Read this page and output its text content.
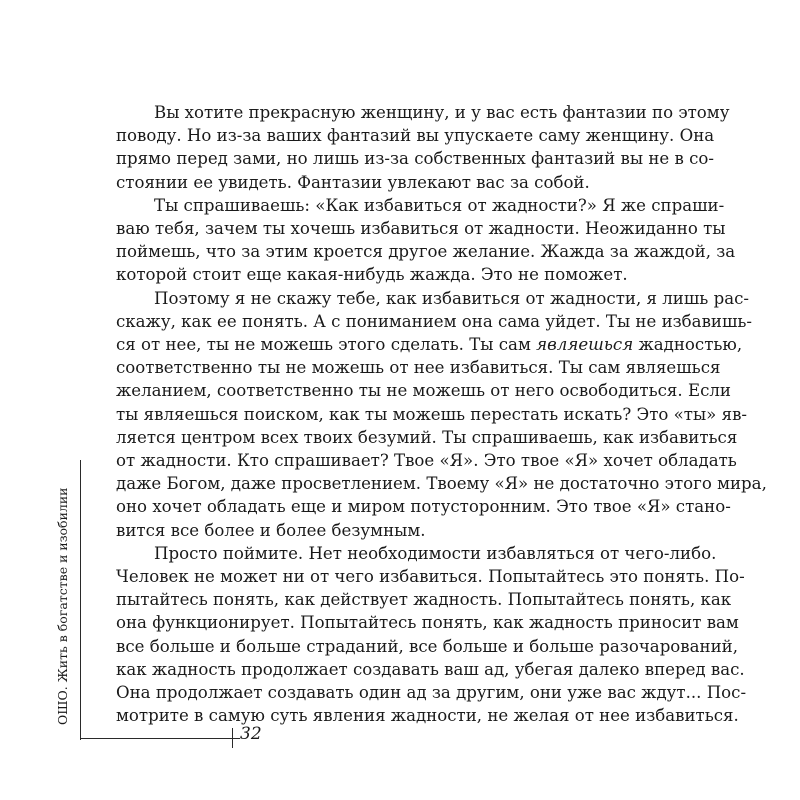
Вы хотите прекрасную женщину, и у вас есть фантазии по этому
поводу. Но из-за ваших фантазий вы упускаете саму женщину. Она
прямо перед зами, но лишь из-за собственных фантазий вы не в со-
стоянии ее увидеть. Фантазии увлекают вас за собой.

Ты спрашиваешь: «Как избавиться от жадности?» Я же спраши-
ваю тебя, зачем ты хочешь избавиться от жадности. Неожиданно ты
поймешь, что за этим кроется другое желание. Жажда за жаждой, за
которой стоит еще какая-нибудь жажда. Это не поможет.

Поэтому я не скажу тебе, как избавиться от жадности, я лишь рас-
скажу, как ее понять. А с пониманием она сама уйдет. Ты не избавишь-
ся от нее, ты не можешь этого сделать. Ты сам являешься жадностью,
соответственно ты не можешь от нее избавиться. Ты сам являешься
желанием, соответственно ты не можешь от него освободиться. Если
ты являешься поиском, как ты можешь перестать искать? Это «ты» яв-
ляется центром всех твоих безумий. Ты спрашиваешь, как избавиться
от жадности. Кто спрашивает? Твое «Я». Это твое «Я» хочет обладать
даже Богом, даже просветлением. Твоему «Я» не достаточно этого мира,
оно хочет обладать еще и миром потусторонним. Это твое «Я» стано-
вится все более и более безумным.

Просто поймите. Нет необходимости избавляться от чего-либо.
Человек не может ни от чего избавиться. Попытайтесь это понять. По-
пытайтесь понять, как действует жадность. Попытайтесь понять, как
она функционирует. Попытайтесь понять, как жадность приносит вам
все больше и больше страданий, все больше и больше разочарований,
как жадность продолжает создавать ваш ад, убегая далеко вперед вас.
Она продолжает создавать один ад за другим, они уже вас ждут... Пос-
мотрите в самую суть явления жадности, не желая от нее избавиться.

32
ОШО. Жить в богатстве и изобилии
